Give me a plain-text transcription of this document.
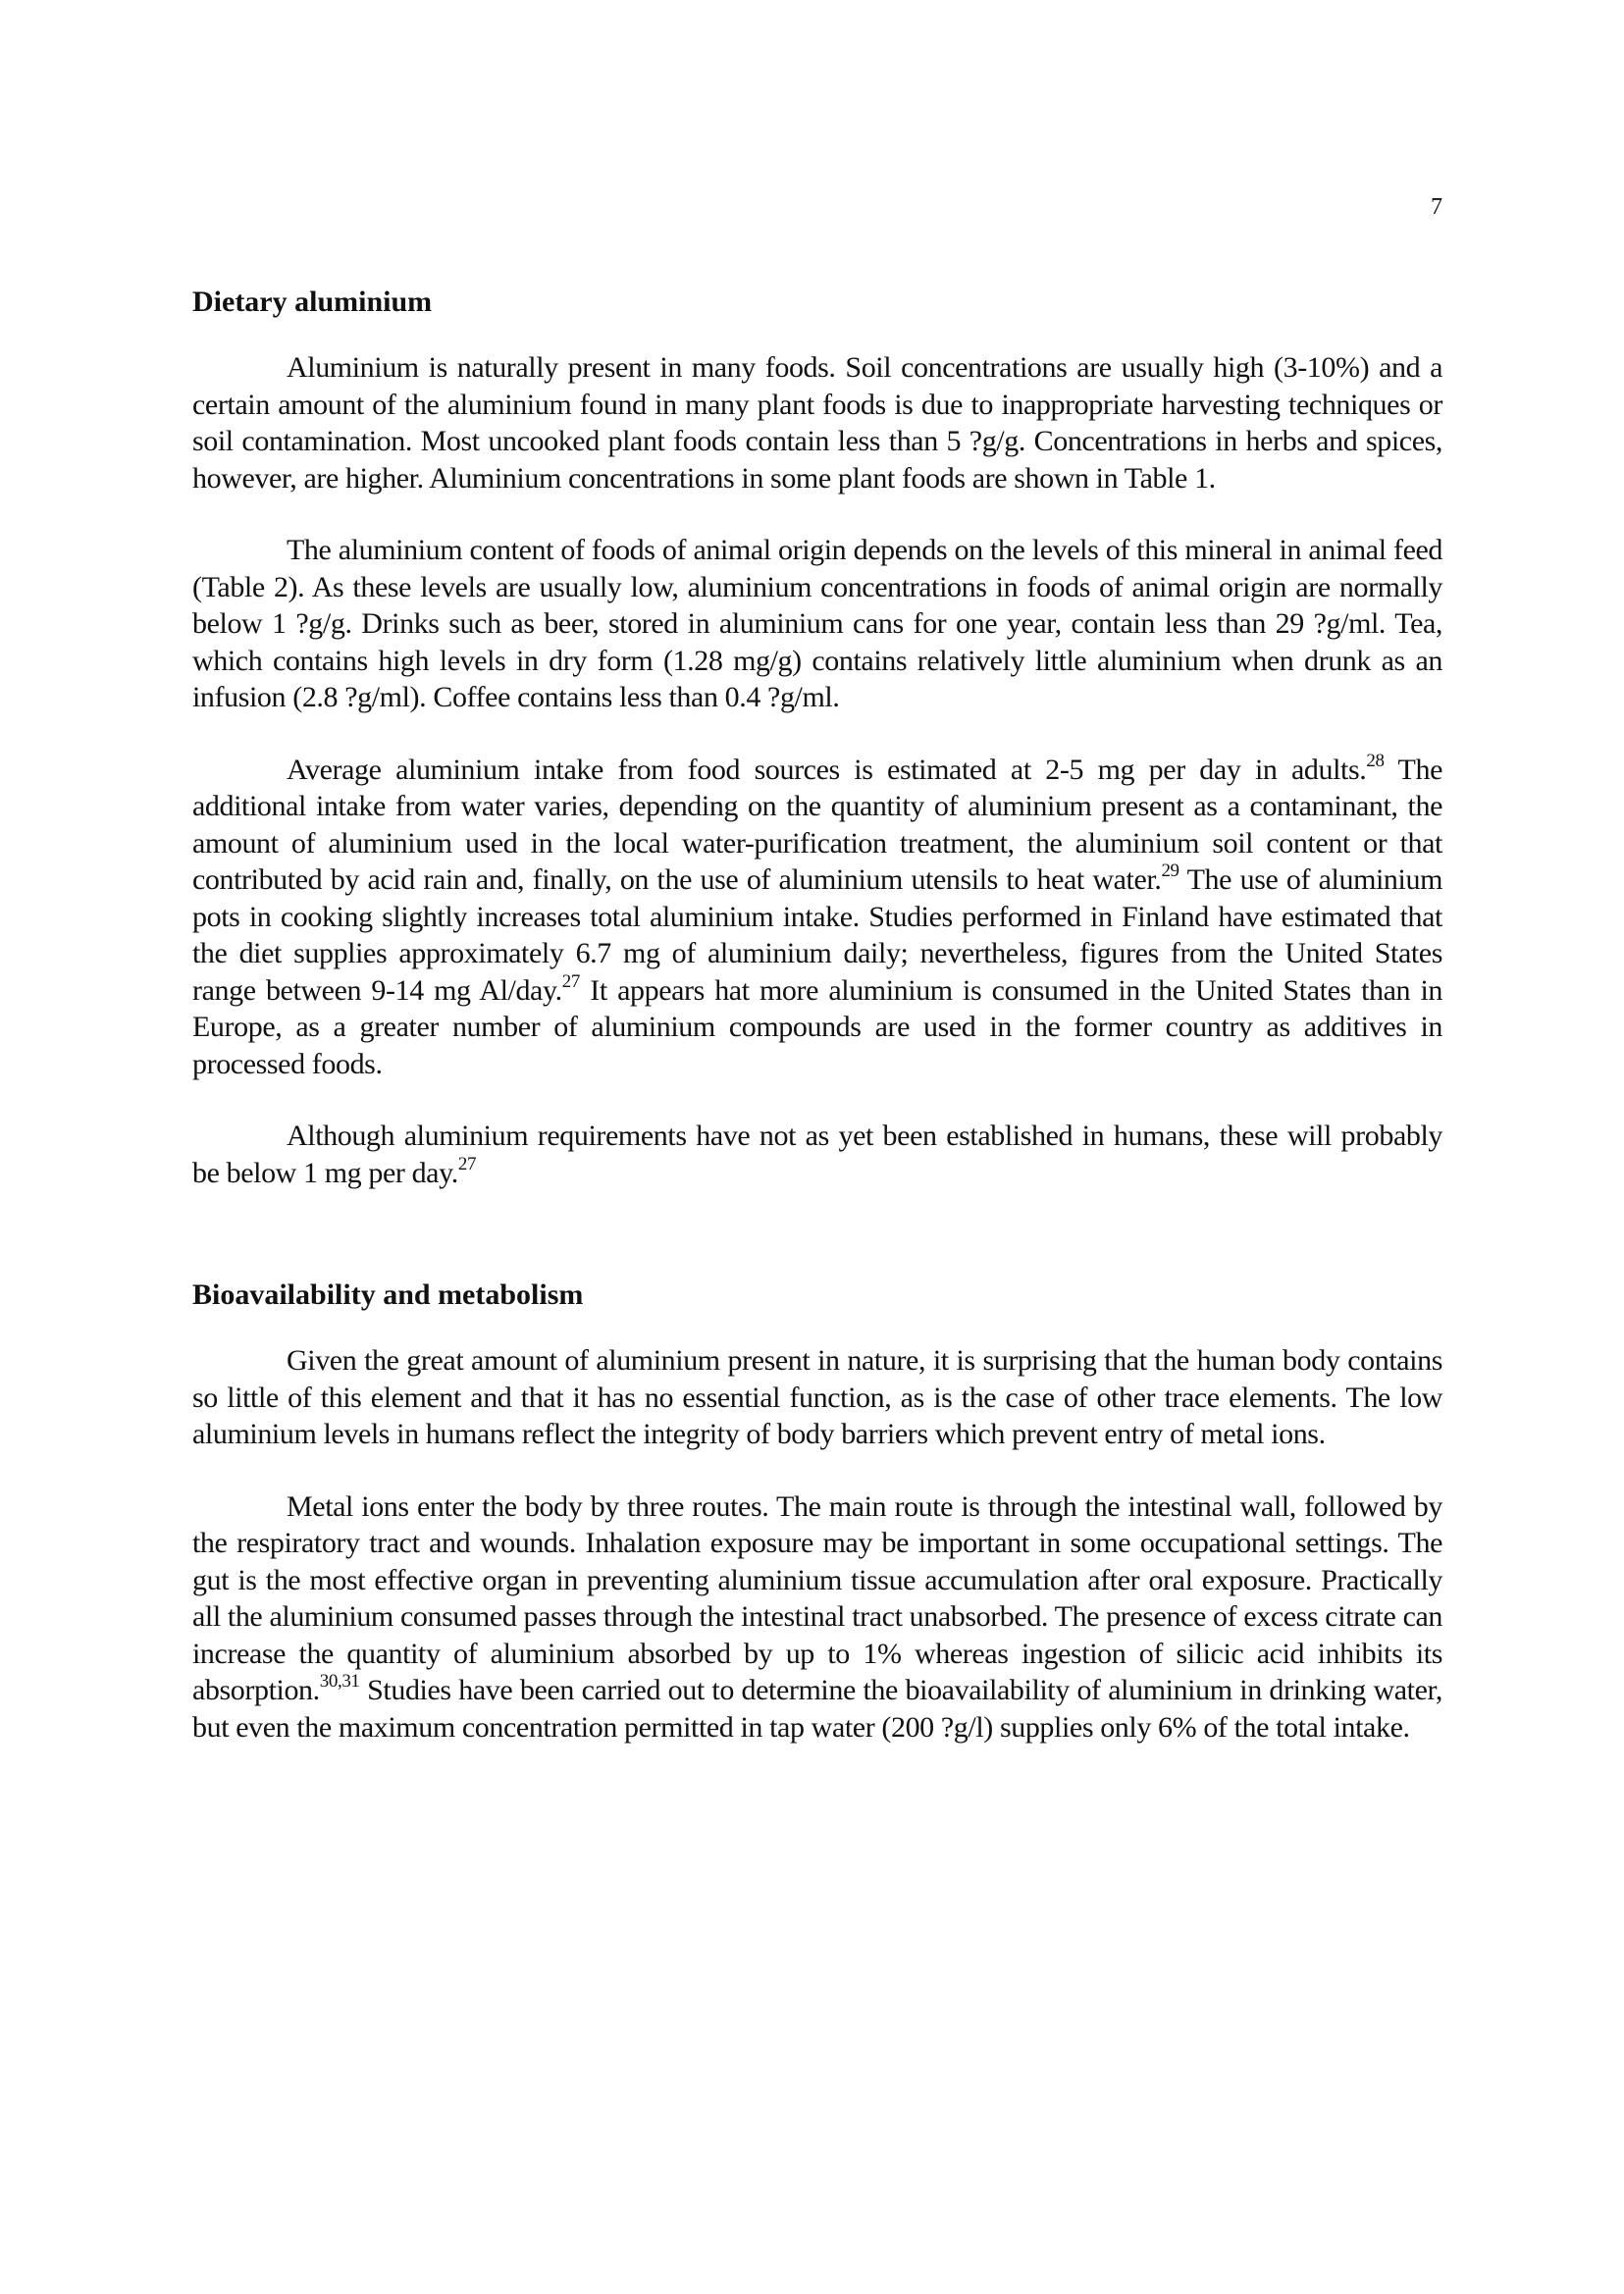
7
Dietary aluminium

Aluminium is naturally present in many foods. Soil concentrations are usually high (3-10%) and a certain amount of the aluminium found in many plant foods is due to inappropriate harvesting techniques or soil contamination. Most uncooked plant foods contain less than 5 ?g/g. Concentrations in herbs and spices, however, are higher. Aluminium concentrations in some plant foods are shown in Table 1.

The aluminium content of foods of animal origin depends on the levels of this mineral in animal feed (Table 2). As these levels are usually low, aluminium concentrations in foods of animal origin are normally below 1 ?g/g. Drinks such as beer, stored in aluminium cans for one year, contain less than 29 ?g/ml. Tea, which contains high levels in dry form (1.28 mg/g) contains relatively little aluminium when drunk as an infusion (2.8 ?g/ml). Coffee contains less than 0.4 ?g/ml.

Average aluminium intake from food sources is estimated at 2-5 mg per day in adults.$^{28}$ The additional intake from water varies, depending on the quantity of aluminium present as a contaminant, the amount of aluminium used in the local water-purification treatment, the aluminium soil content or that contributed by acid rain and, finally, on the use of aluminium utensils to heat water.$^{29}$ The use of aluminium pots in cooking slightly increases total aluminium intake. Studies performed in Finland have estimated that the diet supplies approximately 6.7 mg of aluminium daily; nevertheless, figures from the United States range between 9-14 mg Al/day.$^{27}$ It appears hat more aluminium is consumed in the United States than in Europe, as a greater number of aluminium compounds are used in the former country as additives in processed foods.

Although aluminium requirements have not as yet been established in humans, these will probably be below 1 mg per day.$^{27}$

Bioavailability and metabolism

Given the great amount of aluminium present in nature, it is surprising that the human body contains so little of this element and that it has no essential function, as is the case of other trace elements. The low aluminium levels in humans reflect the integrity of body barriers which prevent entry of metal ions.

Metal ions enter the body by three routes. The main route is through the intestinal wall, followed by the respiratory tract and wounds. Inhalation exposure may be important in some occupational settings. The gut is the most effective organ in preventing aluminium tissue accumulation after oral exposure. Practically all the aluminium consumed passes through the intestinal tract unabsorbed. The presence of excess citrate can increase the quantity of aluminium absorbed by up to 1% whereas ingestion of silicic acid inhibits its absorption.$^{30,31}$ Studies have been carried out to determine the bioavailability of aluminium in drinking water, but even the maximum concentration permitted in tap water (200 ?g/l) supplies only 6% of the total intake.
